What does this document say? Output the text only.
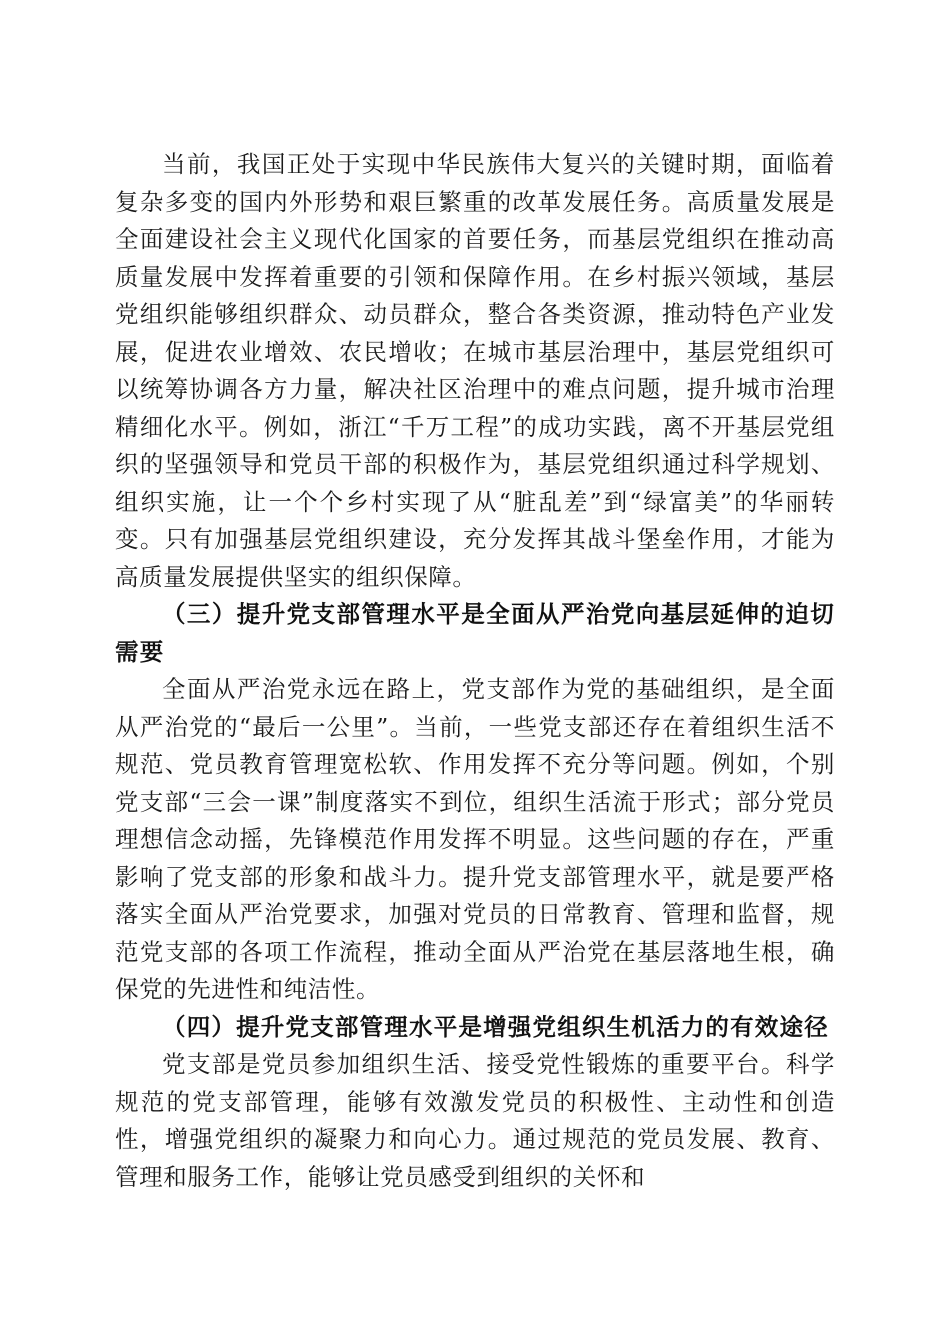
当前，我国正处于实现中华民族伟大复兴的关键时期，面临着复杂多变的国内外形势和艰巨繁重的改革发展任务。高质量发展是全面建设社会主义现代化国家的首要任务，而基层党组织在推动高质量发展中发挥着重要的引领和保障作用。在乡村振兴领域，基层党组织能够组织群众、动员群众，整合各类资源，推动特色产业发展，促进农业增效、农民增收；在城市基层治理中，基层党组织可以统筹协调各方力量，解决社区治理中的难点问题，提升城市治理精细化水平。例如，浙江“千万工程”的成功实践，离不开基层党组织的坚强领导和党员干部的积极作为，基层党组织通过科学规划、组织实施，让一个个乡村实现了从“脏乱差”到“绿富美”的华丽转变。只有加强基层党组织建设，充分发挥其战斗堡垒作用，才能为高质量发展提供坚实的组织保障。

（三）提升党支部管理水平是全面从严治党向基层延伸的迫切需要

全面从严治党永远在路上，党支部作为党的基础组织，是全面从严治党的“最后一公里”。当前，一些党支部还存在着组织生活不规范、党员教育管理宽松软、作用发挥不充分等问题。例如，个别党支部“三会一课”制度落实不到位，组织生活流于形式；部分党员理想信念动摇，先锋模范作用发挥不明显。这些问题的存在，严重影响了党支部的形象和战斗力。提升党支部管理水平，就是要严格落实全面从严治党要求，加强对党员的日常教育、管理和监督，规范党支部的各项工作流程，推动全面从严治党在基层落地生根，确保党的先进性和纯洁性。

（四）提升党支部管理水平是增强党组织生机活力的有效途径

党支部是党员参加组织生活、接受党性锻炼的重要平台。科学规范的党支部管理，能够有效激发党员的积极性、主动性和创造性，增强党组织的凝聚力和向心力。通过规范的党员发展、教育、管理和服务工作，能够让党员感受到组织的关怀和
